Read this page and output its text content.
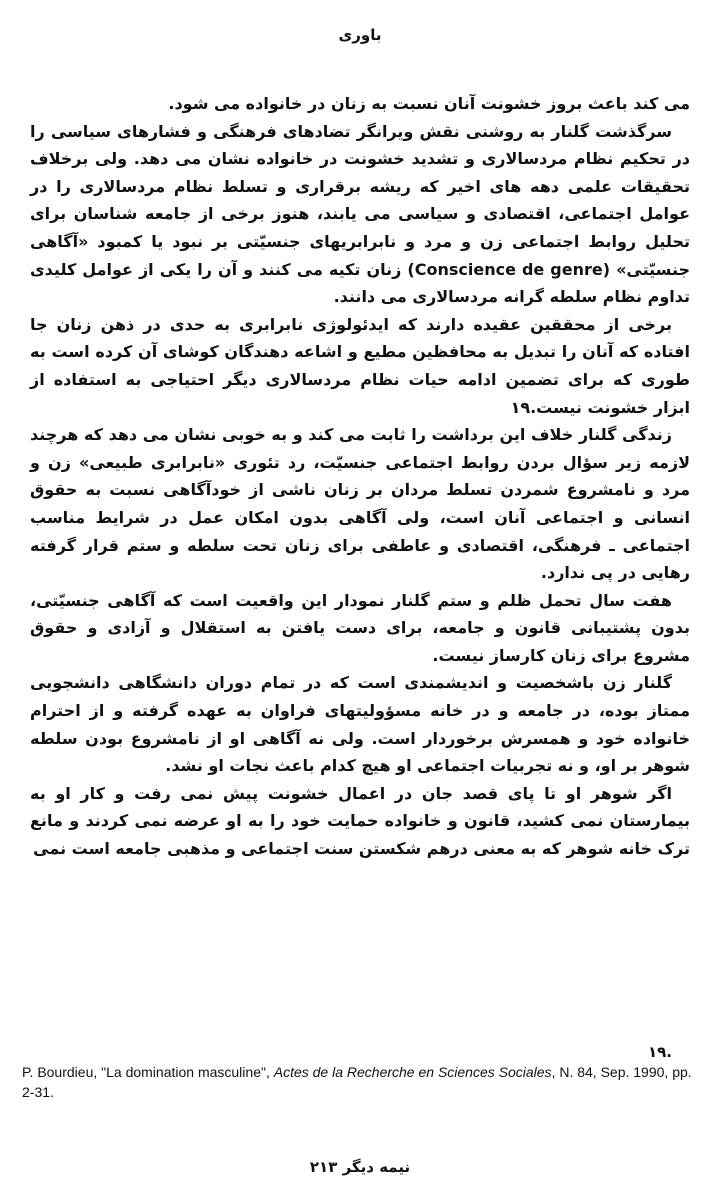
باوری

می کند باعث بروز خشونت آنان نسبت به زنان در خانواده می شود.

سرگذشت گلنار به روشنی نقش ویرانگر تضادهای فرهنگی و فشارهای سیاسی را در تحکیم نظام مردسالاری و تشدید خشونت در خانواده نشان می دهد. ولی برخلاف تحقیقات علمی دهه های اخیر که ریشه برقراری و تسلط نظام مردسالاری را در عوامل اجتماعی، اقتصادی و سیاسی می یابند، هنوز برخی از جامعه شناسان برای تحلیل روابط اجتماعی زن و مرد و نابرابریهای جنسیّتی بر نبود یا کمبود «آگاهی جنسیّتی» (Conscience de genre) زنان تکیه می کنند و آن را یکی از عوامل کلیدی تداوم نظام سلطه گرانه مردسالاری می دانند.

برخی از محققین عقیده دارند که ایدئولوژی نابرابری به حدی در ذهن زنان جا افتاده که آنان را تبدیل به محافظین مطیع و اشاعه دهندگان کوشای آن کرده است به طوری که برای تضمین ادامه حیات نظام مردسالاری دیگر احتیاجی به استفاده از ابزار خشونت نیست.۱۹

زندگی گلنار خلاف این برداشت را ثابت می کند و به خوبی نشان می دهد که هرچند لازمه زیر سؤال بردن روابط اجتماعی جنسیّت، رد تئوری «نابرابری طبیعی» زن و مرد و نامشروع شمردن تسلط مردان بر زنان ناشی از خودآگاهی نسبت به حقوق انسانی و اجتماعی آنان است، ولی آگاهی بدون امکان عمل در شرایط مناسب اجتماعی ـ فرهنگی، اقتصادی و عاطفی برای زنان تحت سلطه و ستم قرار گرفته رهایی در پی ندارد.

هفت سال تحمل ظلم و ستم گلنار نمودار این واقعیت است که آگاهی جنسیّتی، بدون پشتیبانی قانون و جامعه، برای دست یافتن به استقلال و آزادی و حقوق مشروع برای زنان کارساز نیست.

گلنار زن باشخصیت و اندیشمندی است که در تمام دوران دانشگاهی دانشجویی ممتاز بوده، در جامعه و در خانه مسؤولیتهای فراوان به عهده گرفته و از احترام خانواده خود و همسرش برخوردار است. ولی نه آگاهی او از نامشروع بودن سلطه شوهر بر او، و نه تجربیات اجتماعی او هیچ کدام باعث نجات او نشد.

اگر شوهر او تا پای قصد جان در اعمال خشونت پیش نمی رفت و کار او به بیمارستان نمی کشید، قانون و خانواده حمایت خود را به او عرضه نمی کردند و مانع ترک خانه شوهر که به معنی درهم شکستن سنت اجتماعی و مذهبی جامعه است نمی

۱۹.
P. Bourdieu, "La domination masculine", Actes de la Recherche en Sciences Sociales, N. 84, Sep. 1990, pp. 2-31.
نیمه دیگر ۲۱۳
